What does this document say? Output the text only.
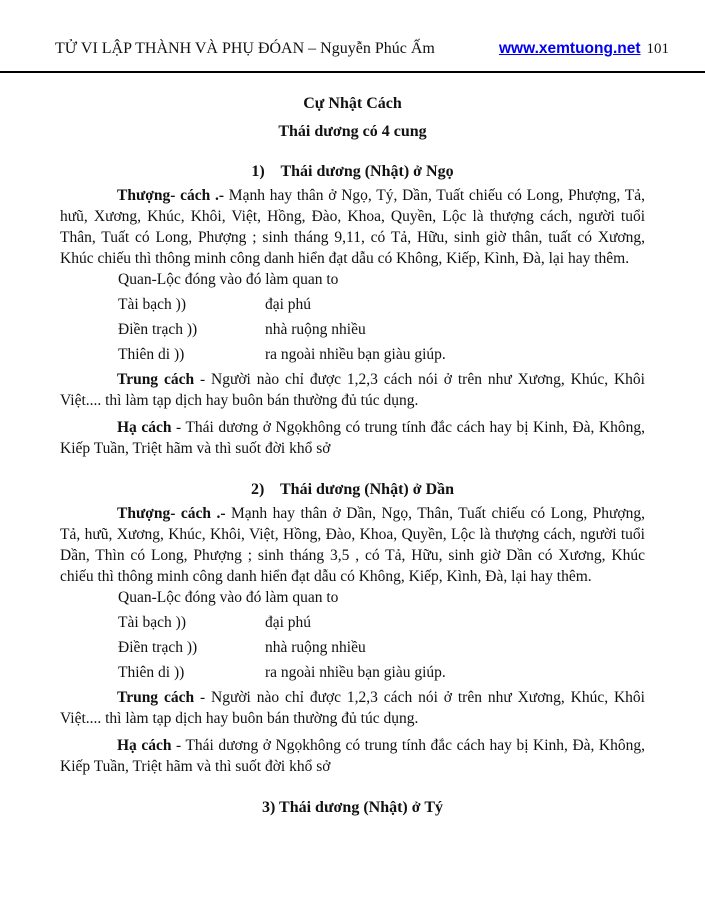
TỬ VI LẬP THÀNH VÀ PHỤ ĐÓAN – Nguyễn Phúc Ấm	www.xemtuong.net 101
Cự Nhật Cách
Thái dương có 4 cung
1)    Thái dương (Nhật) ở Ngọ

Thượng- cách .- Mạnh hay thân ở Ngọ, Tý, Dần, Tuất chiếu có Long, Phượng, Tả, hưũ, Xương, Khúc, Khôi, Việt, Hồng, Đào, Khoa, Quyền, Lộc là thượng cách, người tuổi Thân, Tuất có Long, Phượng ; sinh tháng 9,11, có Tả, Hữu, sinh giờ thân, tuất có Xương, Khúc chiếu thì thông minh công danh hiển đạt dẫu có Không, Kiếp, Kình, Đà, lại hay thêm.

Quan-Lộc đóng vào đó làm quan to
Tài bạch ))	đại phú
Điền trạch ))	nhà ruộng nhiều
Thiên di ))	ra ngoài nhiều bạn giàu giúp.

Trung cách - Người nào chỉ được 1,2,3 cách nói ở trên như Xương, Khúc, Khôi Việt.... thì làm tạp dịch hay buôn bán thường đủ túc dụng.

Hạ cách - Thái dương ở Ngọkhông có trung tính đắc cách hay bị Kinh, Đà, Không, Kiếp Tuần, Triệt hãm và thì suốt đời khổ sở

2)    Thái dương (Nhật) ở Dần

Thượng- cách .- Mạnh hay thân ở Dần, Ngọ, Thân, Tuất chiếu có Long, Phượng, Tả, hưũ, Xương, Khúc, Khôi, Việt, Hồng, Đào, Khoa, Quyền, Lộc là thượng cách, người tuổi Dần, Thìn có Long, Phượng ; sinh tháng 3,5 , có Tả, Hữu, sinh giờ Dần có Xương, Khúc chiếu thì thông minh công danh hiển đạt dẫu có Không, Kiếp, Kình, Đà, lại hay thêm.

Quan-Lộc đóng vào đó làm quan to
Tài bạch ))	đại phú
Điền trạch ))	nhà ruộng nhiều
Thiên di ))	ra ngoài nhiều bạn giàu giúp.

Trung cách - Người nào chỉ được 1,2,3 cách nói ở trên như Xương, Khúc, Khôi Việt.... thì làm tạp dịch hay buôn bán thường đủ túc dụng.

Hạ cách - Thái dương ở Ngọkhông có trung tính đắc cách hay bị Kinh, Đà, Không, Kiếp Tuần, Triệt hãm và thì suốt đời khổ sở

3) Thái dương (Nhật) ở Tý
